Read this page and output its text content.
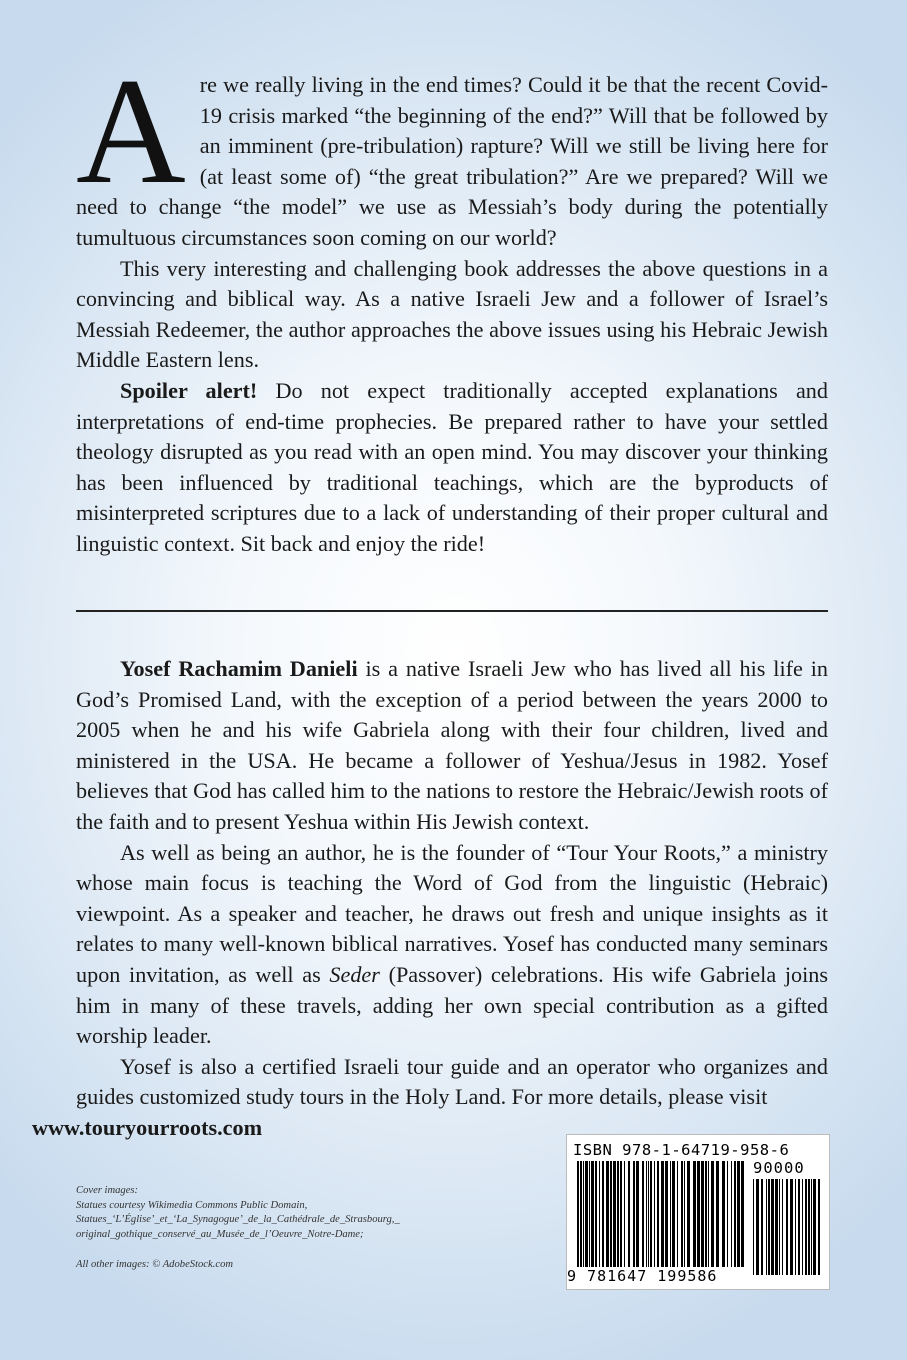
A re we really living in the end times? Could it be that the recent Covid-19 crisis marked “the beginning of the end?” Will that be followed by an imminent (pre-tribulation) rapture? Will we still be living here for (at least some of) “the great tribulation?” Are we prepared? Will we need to change “the model” we use as Messiah’s body during the potentially tumultuous circumstances soon coming on our world?

This very interesting and challenging book addresses the above questions in a convincing and biblical way. As a native Israeli Jew and a follower of Israel’s Messiah Redeemer, the author approaches the above issues using his Hebraic Jewish Middle Eastern lens.

Spoiler alert! Do not expect traditionally accepted explanations and interpretations of end-time prophecies. Be prepared rather to have your settled theology disrupted as you read with an open mind. You may discover your thinking has been influenced by traditional teachings, which are the byproducts of misinterpreted scriptures due to a lack of understanding of their proper cultural and linguistic context. Sit back and enjoy the ride!

Yosef Rachamim Danieli is a native Israeli Jew who has lived all his life in God’s Promised Land, with the exception of a period between the years 2000 to 2005 when he and his wife Gabriela along with their four children, lived and ministered in the USA. He became a follower of Yeshua/Jesus in 1982. Yosef believes that God has called him to the nations to restore the Hebraic/Jewish roots of the faith and to present Yeshua within His Jewish context.

As well as being an author, he is the founder of “Tour Your Roots,” a ministry whose main focus is teaching the Word of God from the linguistic (Hebraic) viewpoint. As a speaker and teacher, he draws out fresh and unique insights as it relates to many well-known biblical narratives. Yosef has conducted many seminars upon invitation, as well as Seder (Passover) celebrations. His wife Gabriela joins him in many of these travels, adding her own special contribution as a gifted worship leader.

Yosef is also a certified Israeli tour guide and an operator who organizes and guides customized study tours in the Holy Land. For more details, please visit
www.touryourroots.com

Cover images:
Statues courtesy Wikimedia Commons Public Domain,
Statues_‘L’Église’_et_‘La_Synagogue’_de_la_Cathédrale_de_Strasbourg,_
original_gothique_conservé_au_Musée_de_l’Oeuvre_Notre-Dame;
All other images: © AdobeStock.com
ISBN 978-1-64719-958-6
90000
9 781647 199586
